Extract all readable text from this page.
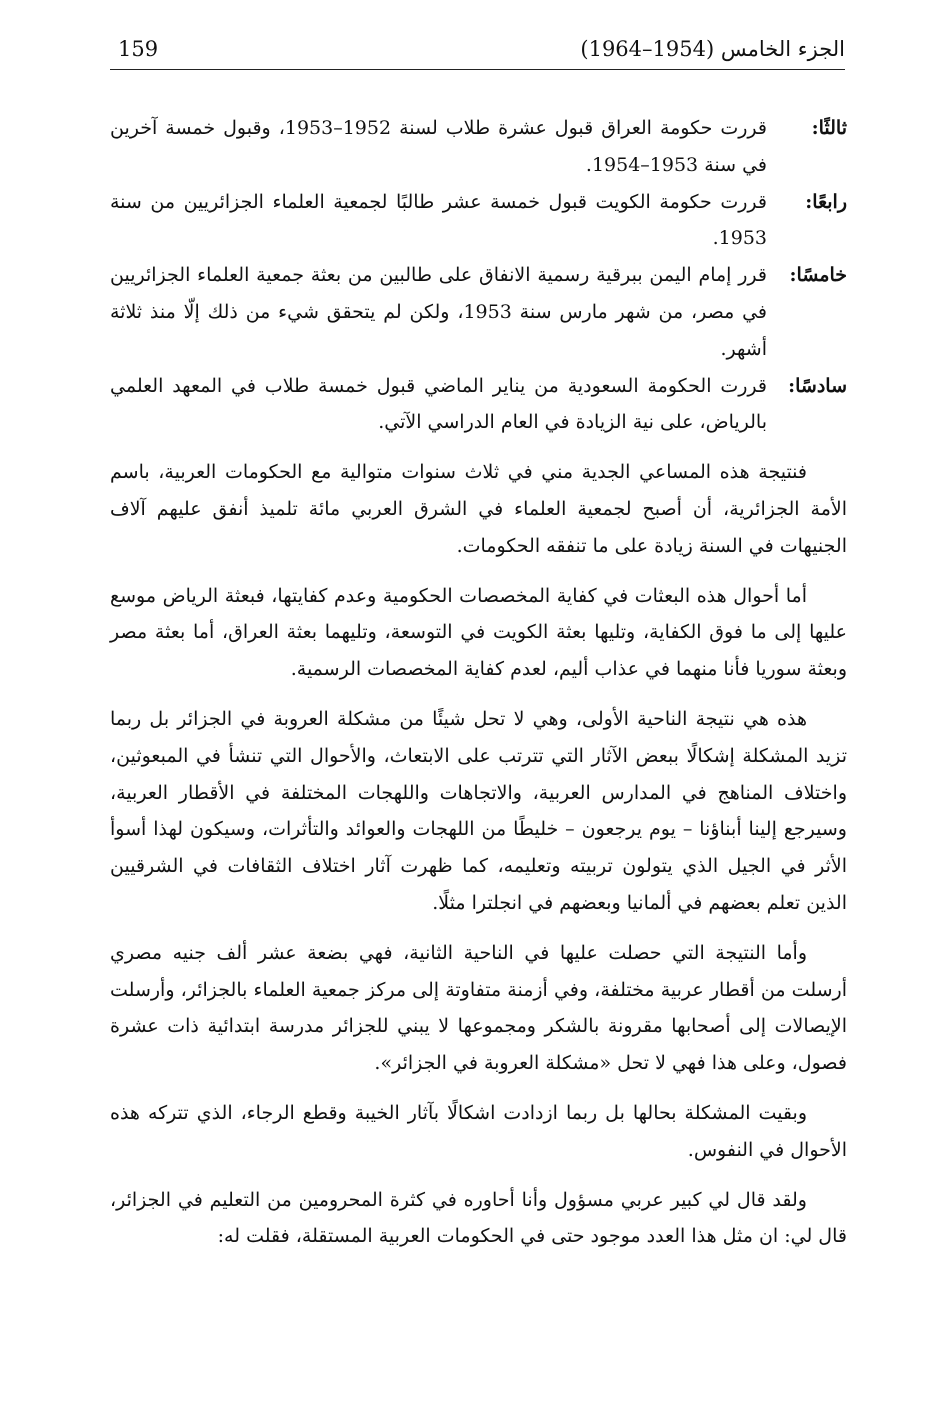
الجزء الخامس (1954–1964)
159
ثالثًا:
قررت حكومة العراق قبول عشرة طلاب لسنة 1952–1953، وقبول خمسة آخرين في سنة 1953–1954.
رابعًا:
قررت حكومة الكويت قبول خمسة عشر طالبًا لجمعية العلماء الجزائريين من سنة 1953.
خامسًا:
قرر إمام اليمن ببرقية رسمية الانفاق على طالبين من بعثة جمعية العلماء الجزائريين في مصر، من شهر مارس سنة 1953، ولكن لم يتحقق شيء من ذلك إلّا منذ ثلاثة أشهر.
سادسًا:
قررت الحكومة السعودية من يناير الماضي قبول خمسة طلاب في المعهد العلمي بالرياض، على نية الزيادة في العام الدراسي الآتي.

فنتيجة هذه المساعي الجدية مني في ثلاث سنوات متوالية مع الحكومات العربية، باسم الأمة الجزائرية، أن أصبح لجمعية العلماء في الشرق العربي مائة تلميذ أنفق عليهم آلاف الجنيهات في السنة زيادة على ما تنفقه الحكومات.

أما أحوال هذه البعثات في كفاية المخصصات الحكومية وعدم كفايتها، فبعثة الرياض موسع عليها إلى ما فوق الكفاية، وتليها بعثة الكويت في التوسعة، وتليهما بعثة العراق، أما بعثة مصر وبعثة سوريا فأنا منهما في عذاب أليم، لعدم كفاية المخصصات الرسمية.

هذه هي نتيجة الناحية الأولى، وهي لا تحل شيئًا من مشكلة العروبة في الجزائر بل ربما تزيد المشكلة إشكالًا ببعض الآثار التي تترتب على الابتعاث، والأحوال التي تنشأ في المبعوثين، واختلاف المناهج في المدارس العربية، والاتجاهات واللهجات المختلفة في الأقطار العربية، وسيرجع إلينا أبناؤنا – يوم يرجعون – خليطًا من اللهجات والعوائد والتأثرات، وسيكون لهذا أسوأ الأثر في الجيل الذي يتولون تربيته وتعليمه، كما ظهرت آثار اختلاف الثقافات في الشرقيين الذين تعلم بعضهم في ألمانيا وبعضهم في انجلترا مثلًا.

وأما النتيجة التي حصلت عليها في الناحية الثانية، فهي بضعة عشر ألف جنيه مصري أرسلت من أقطار عربية مختلفة، وفي أزمنة متفاوتة إلى مركز جمعية العلماء بالجزائر، وأرسلت الإيصالات إلى أصحابها مقرونة بالشكر ومجموعها لا يبني للجزائر مدرسة ابتدائية ذات عشرة فصول، وعلى هذا فهي لا تحل «مشكلة العروبة في الجزائر».

وبقيت المشكلة بحالها بل ربما ازدادت اشكالًا بآثار الخيبة وقطع الرجاء، الذي تتركه هذه الأحوال في النفوس.

ولقد قال لي كبير عربي مسؤول وأنا أحاوره في كثرة المحرومين من التعليم في الجزائر، قال لي: ان مثل هذا العدد موجود حتى في الحكومات العربية المستقلة، فقلت له:
